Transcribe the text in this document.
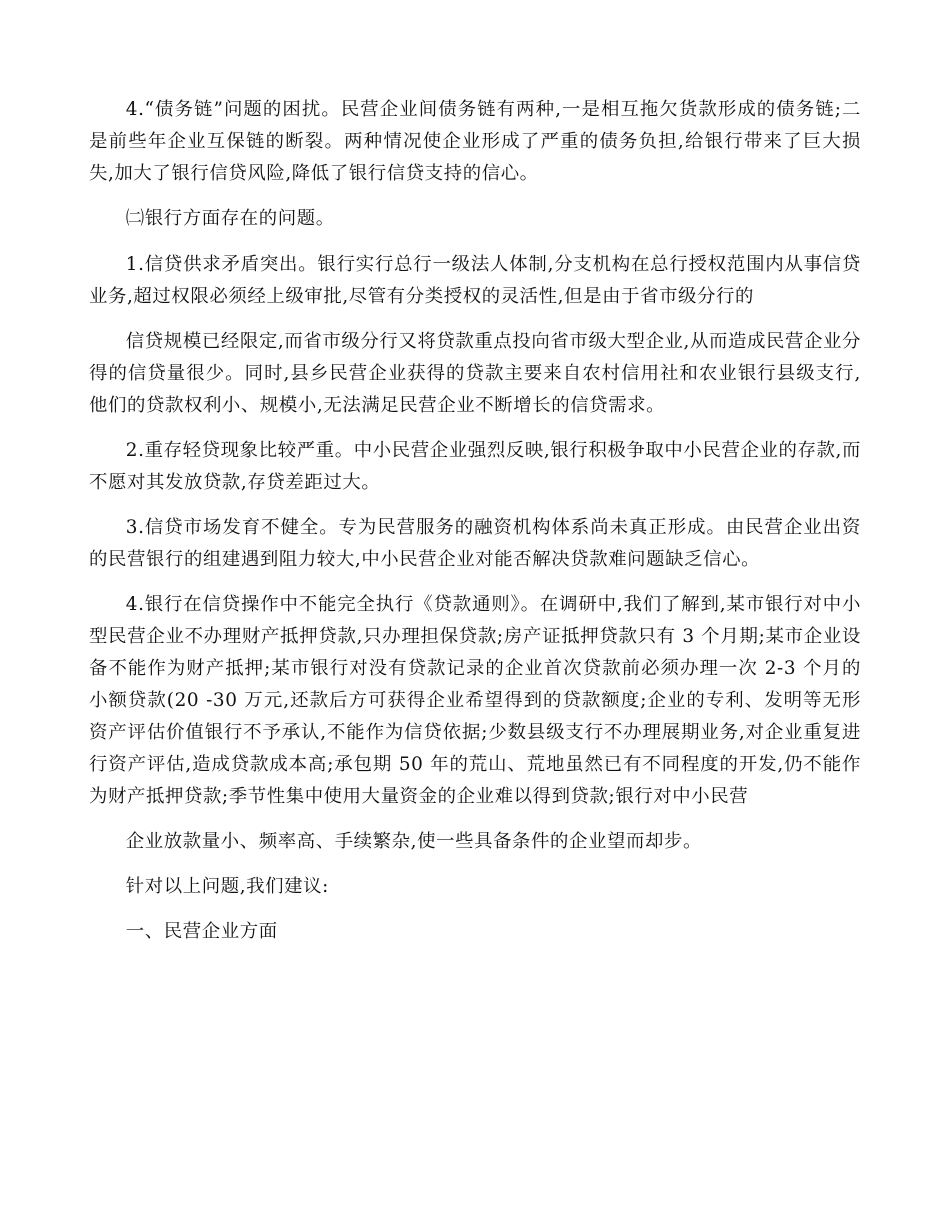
4.“债务链”问题的困扰。民营企业间债务链有两种,一是相互拖欠货款形成的债务链;二是前些年企业互保链的断裂。两种情况使企业形成了严重的债务负担,给银行带来了巨大损失,加大了银行信贷风险,降低了银行信贷支持的信心。

㈡银行方面存在的问题。

1.信贷供求矛盾突出。银行实行总行一级法人体制,分支机构在总行授权范围内从事信贷业务,超过权限必须经上级审批,尽管有分类授权的灵活性,但是由于省市级分行的

信贷规模已经限定,而省市级分行又将贷款重点投向省市级大型企业,从而造成民营企业分得的信贷量很少。同时,县乡民营企业获得的贷款主要来自农村信用社和农业银行县级支行,他们的贷款权利小、规模小,无法满足民营企业不断增长的信贷需求。

2.重存轻贷现象比较严重。中小民营企业强烈反映,银行积极争取中小民营企业的存款,而不愿对其发放贷款,存贷差距过大。

3.信贷市场发育不健全。专为民营服务的融资机构体系尚未真正形成。由民营企业出资的民营银行的组建遇到阻力较大,中小民营企业对能否解决贷款难问题缺乏信心。

4.银行在信贷操作中不能完全执行《贷款通则》。在调研中,我们了解到,某市银行对中小型民营企业不办理财产抵押贷款,只办理担保贷款;房产证抵押贷款只有 3 个月期;某市企业设备不能作为财产抵押;某市银行对没有贷款记录的企业首次贷款前必须办理一次 2-3 个月的小额贷款(20 -30 万元,还款后方可获得企业希望得到的贷款额度;企业的专利、发明等无形资产评估价值银行不予承认,不能作为信贷依据;少数县级支行不办理展期业务,对企业重复进行资产评估,造成贷款成本高;承包期 50 年的荒山、荒地虽然已有不同程度的开发,仍不能作为财产抵押贷款;季节性集中使用大量资金的企业难以得到贷款;银行对中小民营

企业放款量小、频率高、手续繁杂,使一些具备条件的企业望而却步。

针对以上问题,我们建议:

一、民营企业方面
